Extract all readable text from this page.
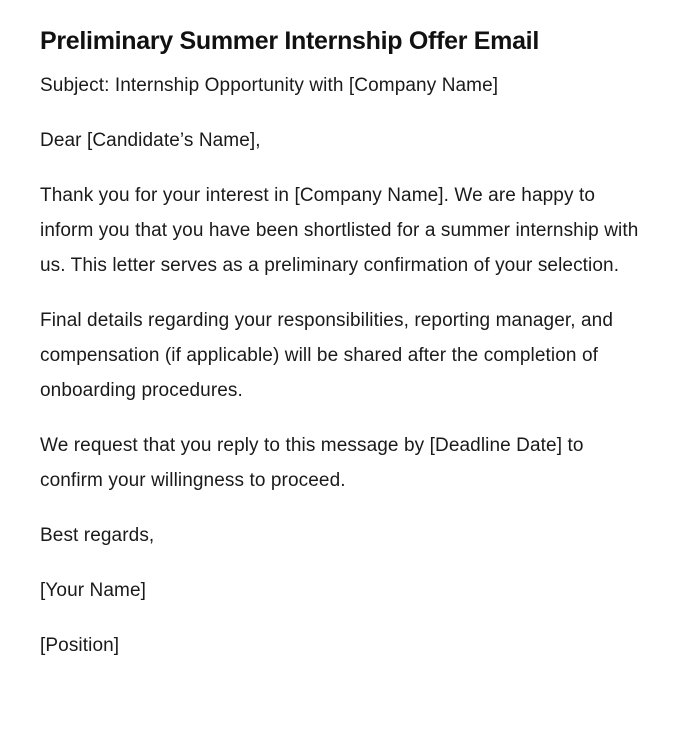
Preliminary Summer Internship Offer Email

Subject: Internship Opportunity with [Company Name]

Dear [Candidate’s Name],

Thank you for your interest in [Company Name]. We are happy to inform you that you have been shortlisted for a summer internship with us. This letter serves as a preliminary confirmation of your selection.

Final details regarding your responsibilities, reporting manager, and compensation (if applicable) will be shared after the completion of onboarding procedures.

We request that you reply to this message by [Deadline Date] to confirm your willingness to proceed.

Best regards,

[Your Name]

[Position]
